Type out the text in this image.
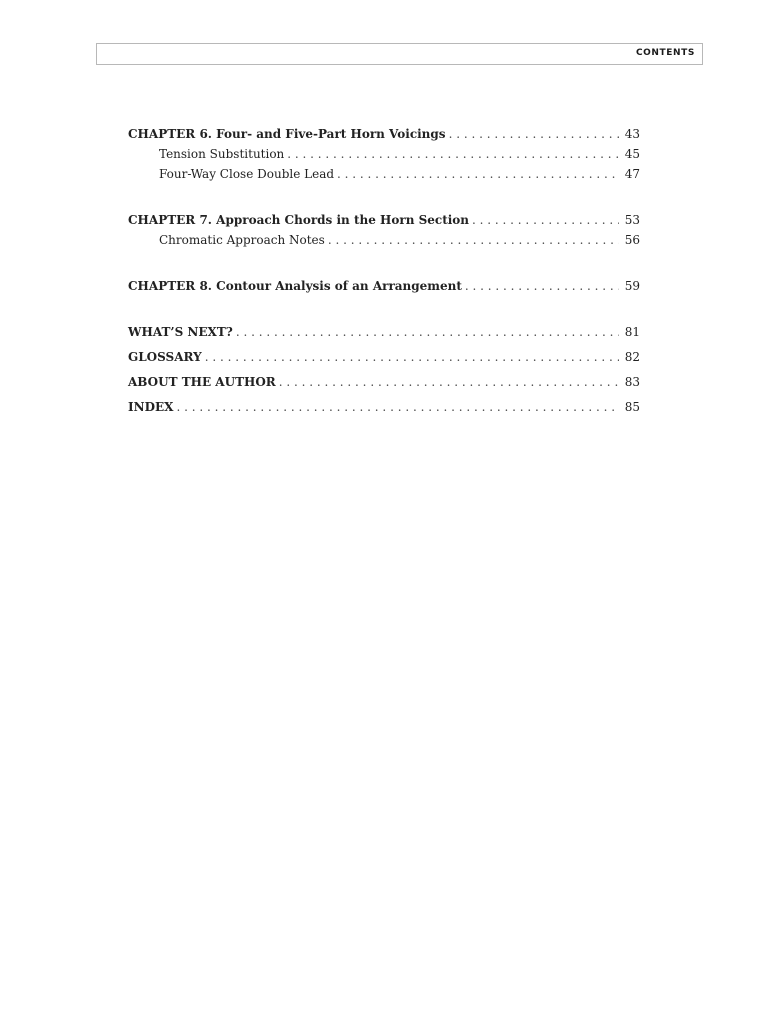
CONTENTS
CHAPTER 6. Four- and Five-Part Horn Voicings . . .	43
Tension Substitution . . .	45
Four-Way Close Double Lead . . .	47
CHAPTER 7. Approach Chords in the Horn Section . . .	53
Chromatic Approach Notes . . .	56
CHAPTER 8. Contour Analysis of an Arrangement . . .	59
WHAT’S NEXT? . . .	81
GLOSSARY . . .	82
ABOUT THE AUTHOR . . .	83
INDEX . . .	85
